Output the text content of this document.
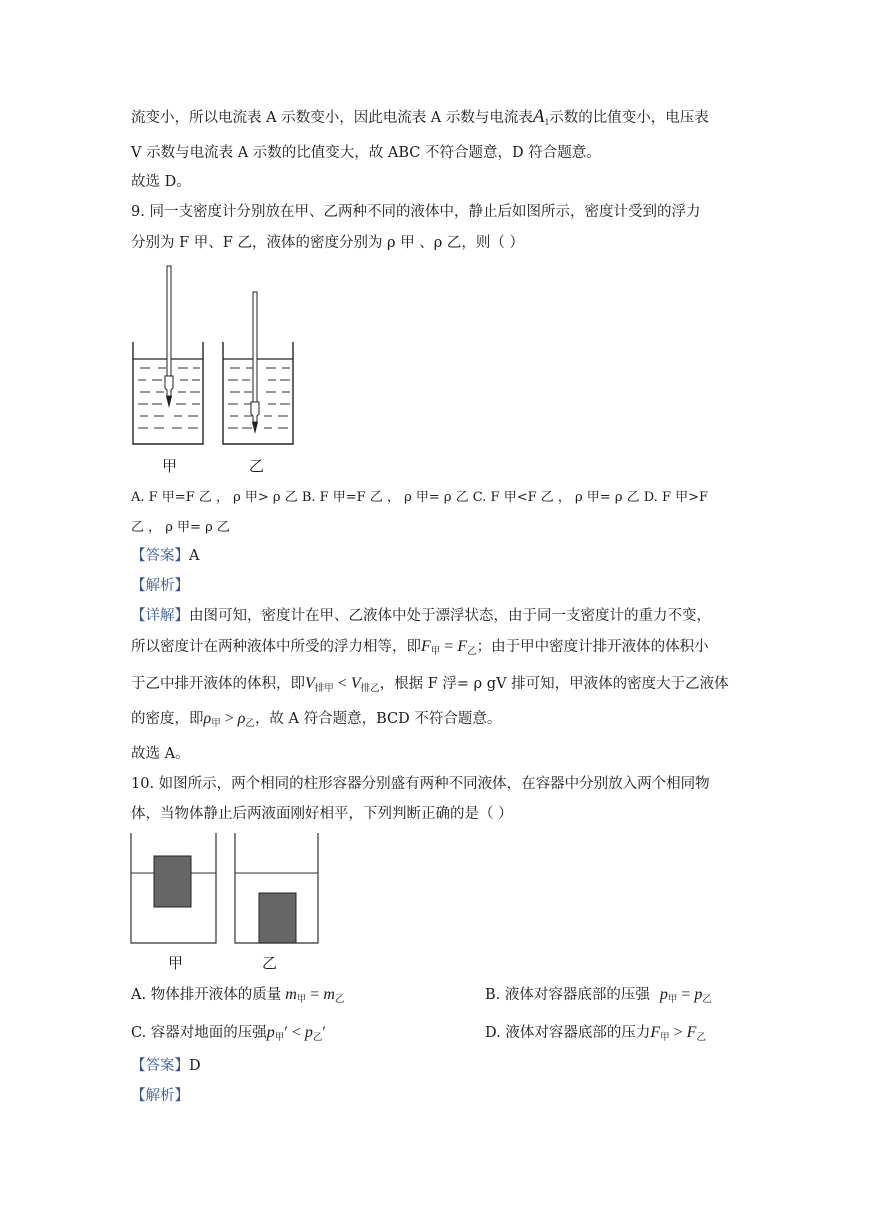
流变小，所以电流表 A 示数变小，因此电流表 A 示数与电流表$A_1$示数的比值变小，电压表
V 示数与电流表 A 示数的比值变大，故 ABC 不符合题意，D 符合题意。
故选 D。
9. 同一支密度计分别放在甲、乙两种不同的液体中，静止后如图所示，密度计受到的浮力
分别为 F 甲、F 乙，液体的密度分别为 ρ 甲 、ρ 乙，则（ ）
甲	乙
A. F 甲=F 乙 ， ρ 甲> ρ 乙 B. F 甲=F 乙 ， ρ 甲= ρ 乙 C. F 甲<F 乙 ， ρ 甲= ρ 乙 D. F 甲>F
乙 ， ρ 甲= ρ 乙
【答案】A
【解析】
【详解】由图可知，密度计在甲、乙液体中处于漂浮状态，由于同一支密度计的重力不变，
所以密度计在两种液体中所受的浮力相等，即$F_甲 = F_乙$；由于甲中密度计排开液体的体积小
于乙中排开液体的体积，即$V_{排甲} < V_{排乙}$，根据 F 浮= ρ gV 排可知，甲液体的密度大于乙液体
的密度，即$\rho_甲 > \rho_乙$，故 A 符合题意，BCD 不符合题意。
故选 A。
10. 如图所示，两个相同的柱形容器分别盛有两种不同液体，在容器中分别放入两个相同物
体，当物体静止后两液面刚好相平，下列判断正确的是（ ）
甲	乙
A. 物体排开液体的质量 $m_甲 = m_乙$	B. 液体对容器底部的压强 $p_甲 = p_乙$
C. 容器对地面的压强$p_甲' < p_乙'$	D. 液体对容器底部的压力$F_甲 > F_乙$
【答案】D
【解析】
